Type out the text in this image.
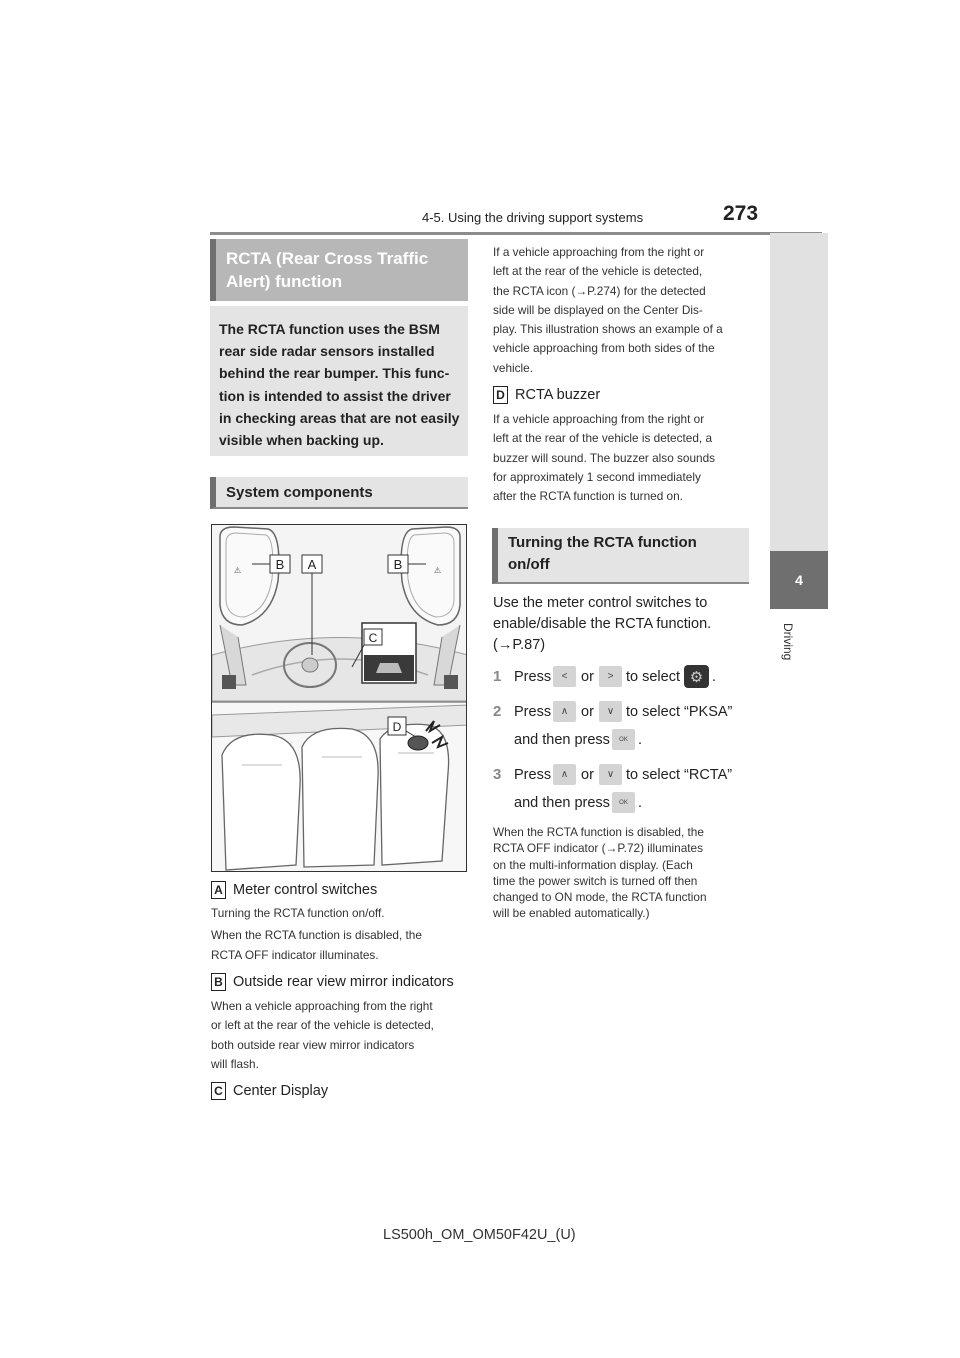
4-5. Using the driving support systems	273
4
Driving
RCTA (Rear Cross Traffic
Alert) function
The RCTA function uses the BSM
rear side radar sensors installed
behind the rear bumper. This func-
tion is intended to assist the driver
in checking areas that are not easily
visible when backing up.
System components
⚠	⚠
B A	B
C
D
A Meter control switches
Turning the RCTA function on/off.
When the RCTA function is disabled, the
RCTA OFF indicator illuminates.
B Outside rear view mirror indicators
When a vehicle approaching from the right
or left at the rear of the vehicle is detected,
both outside rear view mirror indicators
will flash.
C Center Display
If a vehicle approaching from the right or
left at the rear of the vehicle is detected,
the RCTA icon (→P.274) for the detected
side will be displayed on the Center Dis-
play. This illustration shows an example of a
vehicle approaching from both sides of the
vehicle.
D RCTA buzzer
If a vehicle approaching from the right or
left at the rear of the vehicle is detected, a
buzzer will sound. The buzzer also sounds
for approximately 1 second immediately
after the RCTA function is turned on.
Turning the RCTA function
on/off
Use the meter control switches to
enable/disable the RCTA function.
(→P.87)
1 Press	< or	> to select ⚙ .
2 Press ∧ or	∨ to select “PKSA”
and then press	OK .
3 Press ∧ or	∨ to select “RCTA”
and then press	OK .
When the RCTA function is disabled, the
RCTA OFF indicator (→P.72) illuminates
on the multi-information display. (Each
time the power switch is turned off then
changed to ON mode, the RCTA function
will be enabled automatically.)
LS500h_OM_OM50F42U_(U)
